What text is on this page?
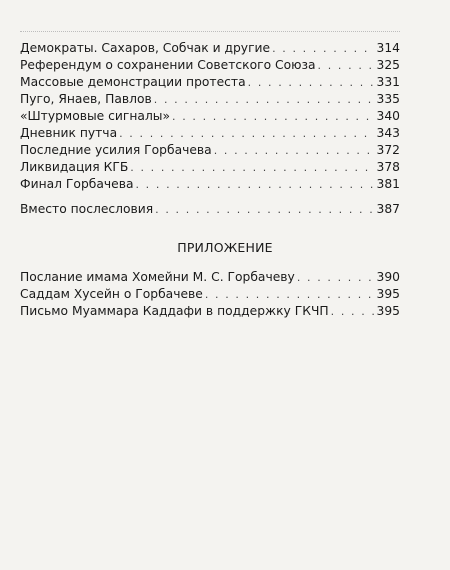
Демократы. Сахаров, Собчак и другие . . .	314
Референдум о сохранении Советского Союза . . .	325
Массовые демонстрации протеста . . .	331
Пуго, Янаев, Павлов . . .	335
«Штурмовые сигналы» . . .	340
Дневник путча . . .	343
Последние усилия Горбачева . . .	372
Ликвидация КГБ . . .	378
Финал Горбачева . . .	381
Вместо послесловия . . .	387
ПРИЛОЖЕНИЕ
Послание имама Хомейни М. С. Горбачеву . . .	390
Саддам Хусейн о Горбачеве . . .	395
Письмо Муаммара Каддафи в поддержку ГКЧП . . .	395
